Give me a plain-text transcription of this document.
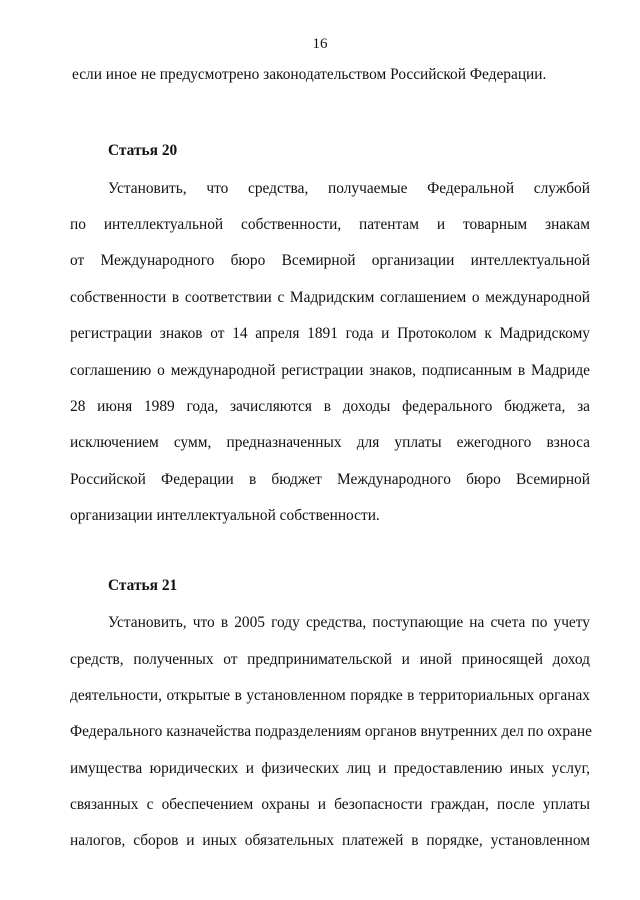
16
если иное не предусмотрено законодательством Российской Федерации.
Статья 20
Установить, что средства, получаемые Федеральной службой
по интеллектуальной собственности, патентам и товарным знакам
от Международного бюро Всемирной организации интеллектуальной
собственности в соответствии с Мадридским соглашением о международной
регистрации знаков от 14 апреля 1891 года и Протоколом к Мадридскому
соглашению о международной регистрации знаков, подписанным в Мадриде
28 июня 1989 года, зачисляются в доходы федерального бюджета, за
исключением сумм, предназначенных для уплаты ежегодного взноса
Российской Федерации в бюджет Международного бюро Всемирной
организации интеллектуальной собственности.
Статья 21
Установить, что в 2005 году средства, поступающие на счета по учету
средств, полученных от предпринимательской и иной приносящей доход
деятельности, открытые в установленном порядке в территориальных органах
Федерального казначейства подразделениям органов внутренних дел по охране
имущества юридических и физических лиц и предоставлению иных услуг,
связанных с обеспечением охраны и безопасности граждан, после уплаты
налогов, сборов и иных обязательных платежей в порядке, установленном
